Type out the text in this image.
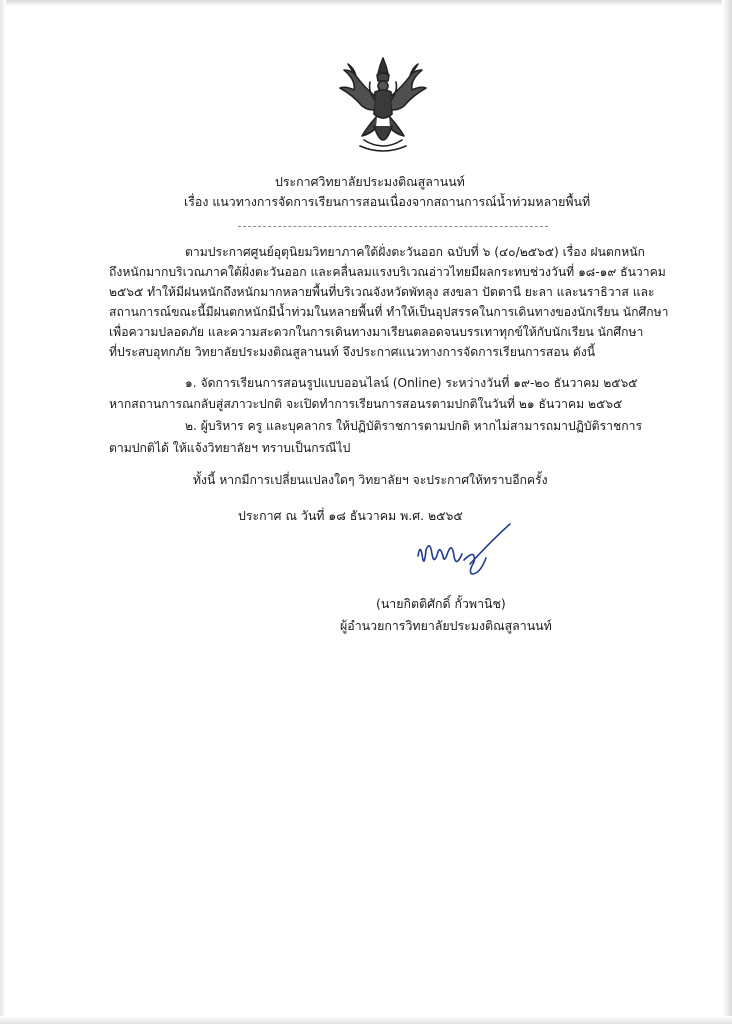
ประกาศวิทยาลัยประมงติณสูลานนท์
เรื่อง แนวทางการจัดการเรียนการสอนเนื่องจากสถานการณ์น้ำท่วมหลายพื้นที่
ตามประกาศศูนย์อุตุนิยมวิทยาภาคใต้ฝั่งตะวันออก ฉบับที่ ๖ (๔๐/๒๕๖๕) เรื่อง ฝนตกหนัก
ถึงหนักมากบริเวณภาคใต้ฝั่งตะวันออก และคลื่นลมแรงบริเวณอ่าวไทยมีผลกระทบช่วงวันที่ ๑๘-๑๙ ธันวาคม
๒๕๖๕ ทำให้มีฝนหนักถึงหนักมากหลายพื้นที่บริเวณจังหวัดพัทลุง สงขลา ปัตตานี ยะลา และนราธิวาส และ
สถานการณ์ขณะนี้มีฝนตกหนักมีน้ำท่วมในหลายพื้นที่ ทำให้เป็นอุปสรรคในการเดินทางของนักเรียน นักศึกษา
เพื่อความปลอดภัย และความสะดวกในการเดินทางมาเรียนตลอดจนบรรเทาทุกข์ให้กับนักเรียน นักศึกษา
ที่ประสบอุทกภัย วิทยาลัยประมงติณสูลานนท์ จึงประกาศแนวทางการจัดการเรียนการสอน ดังนี้
๑. จัดการเรียนการสอนรูปแบบออนไลน์ (Online) ระหว่างวันที่ ๑๙-๒๐ ธันวาคม ๒๕๖๕
หากสถานการณกลับสู่สภาวะปกติ จะเปิดทำการเรียนการสอนรตามปกติในวันที่ ๒๑ ธันวาคม ๒๕๖๕
๒. ผู้บริหาร ครู และบุคลากร ให้ปฏิบัติราชการตามปกติ หากไม่สามารถมาปฏิบัติราชการ
ตามปกติได้ ให้แจ้งวิทยาลัยฯ ทราบเป็นกรณีไป
ทั้งนี้ หากมีการเปลี่ยนแปลงใดๆ วิทยาลัยฯ จะประกาศให้ทราบอีกครั้ง
ประกาศ ณ วันที่ ๑๘ ธันวาคม พ.ศ. ๒๕๖๕
(นายกิตติศักดิ์ กั้วพานิช)
ผู้อำนวยการวิทยาลัยประมงติณสูลานนท์
